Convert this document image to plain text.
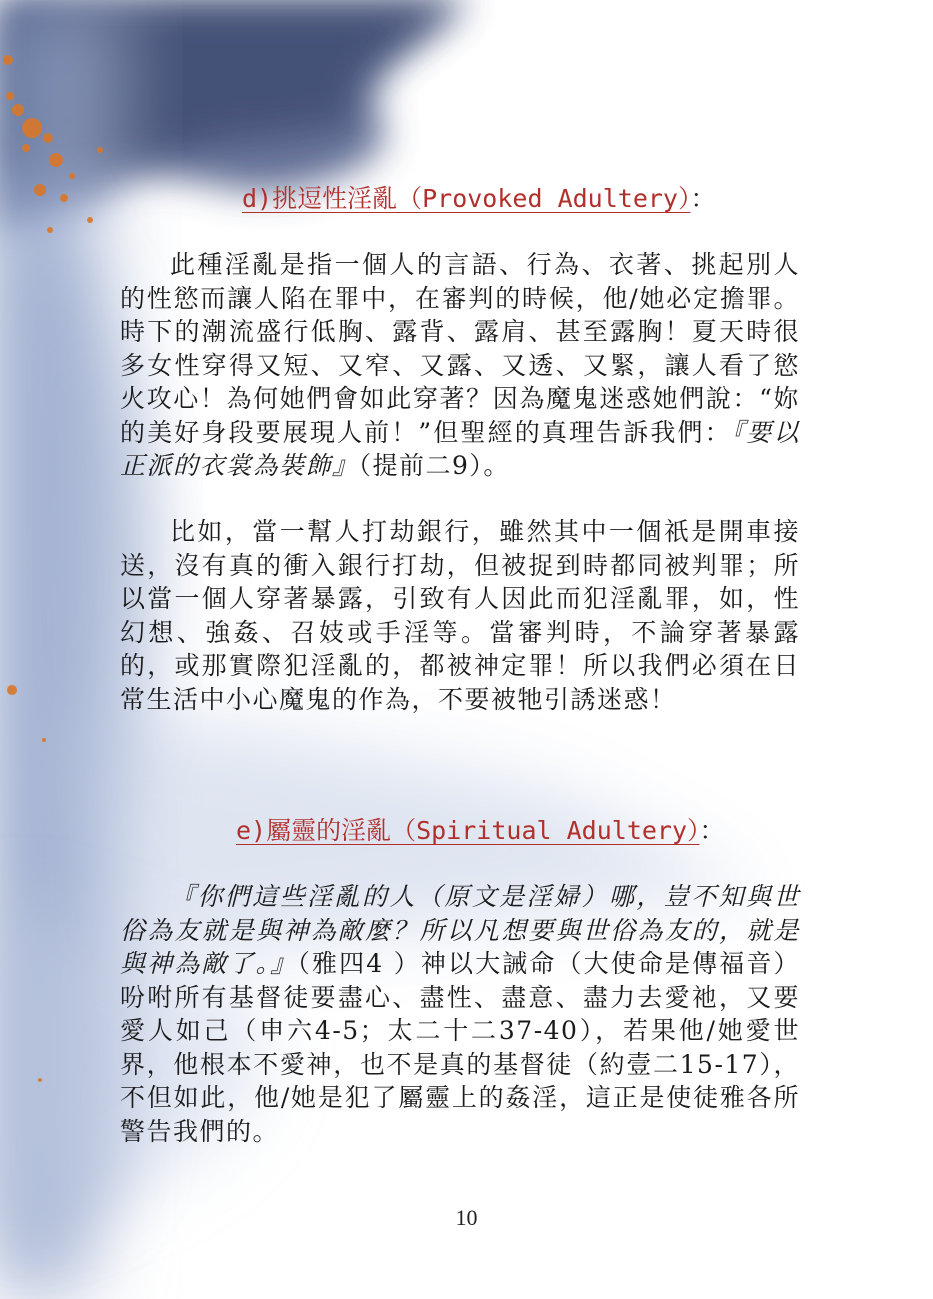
d)挑逗性淫亂（Provoked Adultery）：

此種淫亂是指一個人的言語、行為、衣著、挑起別人的性慾而讓人陷在罪中，在審判的時候，他/她必定擔罪。時下的潮流盛行低胸、露背、露肩、甚至露胸！夏天時很多女性穿得又短、又窄、又露、又透、又緊，讓人看了慾火攻心！為何她們會如此穿著？因為魔鬼迷惑她們說：“妳的美好身段要展現人前！”但聖經的真理告訴我們：『要以正派的衣裳為裝飾』（提前二9）。

比如，當一幫人打劫銀行，雖然其中一個祇是開車接送，沒有真的衝入銀行打劫，但被捉到時都同被判罪；所以當一個人穿著暴露，引致有人因此而犯淫亂罪，如，性幻想、強姦、召妓或手淫等。當審判時，不論穿著暴露的，或那實際犯淫亂的，都被神定罪！所以我們必須在日常生活中小心魔鬼的作為，不要被牠引誘迷惑！

e)屬靈的淫亂（Spiritual Adultery）：

『你們這些淫亂的人（原文是淫婦）哪，豈不知與世俗為友就是與神為敵麼？所以凡想要與世俗為友的，就是與神為敵了。』（雅四4 ）神以大誡命（大使命是傳福音）吩咐所有基督徒要盡心、盡性、盡意、盡力去愛祂，又要愛人如己（申六4-5；太二十二37-40），若果他/她愛世界，他根本不愛神，也不是真的基督徒（約壹二15-17），不但如此，他/她是犯了屬靈上的姦淫，這正是使徒雅各所警告我們的。

10
